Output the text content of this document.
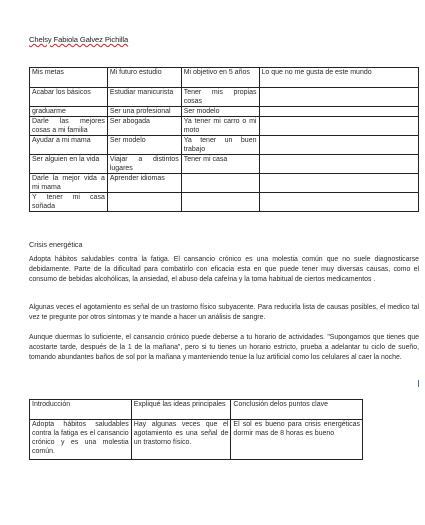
Chelsy Fabiola Galvez Pichilla
Mis metas	Mi futuro estudio	Mi objetivo en 5 años	Lo que no me gusta de este mundo
Acabar los básicos	Estudiar manicurista	Tener mis propias cosas	
graduarme	Ser una profesional	Ser modelo	
Darle las mejores cosas a mi familia	Ser abogada	Ya tener mi carro o mi moto	
Ayudar a mi mama	Ser modelo	Ya tener un buen trabajo	
Ser alguien en la vida	Viajar a distintos lugares	Tener mi casa	
Darle la mejor vida a mi mama	Aprender idiomas		
Y tener mi casa soñada			
Crisis energética

Adopta hábitos saludables contra la fatiga. El cansancio crónico es una molestia común que no suele diagnosticarse debidamente. Parte de la dificultad para combatirlo con eficacia esta en que puede tener muy diversas causas, como el consumo de bebidas alcohólicas, la ansiedad, el abuso dela cafeína y la toma habitual de ciertos medicamentos .

Algunas veces el agotamiento es señal de un trastorno físico subyacente. Para reducirla lista de causas posibles, el medico tal vez te pregunte por otros síntomas y te mande a hacer un análisis de sangre.

Aunque duermas lo suficiente, el cansancio crónico puede deberse a tu horario de actividades. "Supongamos que tienes que acostarte tarde, después de la 1 de la mañana", pero si tu tienes un horario estricto, prueba a adelantar tu ciclo de sueño, tomando abundantes baños de sol por la mañana y manteniendo tenue la luz artificial como los celulares al caer la noche.

Introducción	Expliqué las ideas principales	Conclusión delos puntos clave
Adopta hábitos saludables contra la fatiga es el cansancio crónico y es una molestia común.	Hay algunas veces que el agotamiento es una señal de un trastorno físico.	El sol es bueno para crisis energéticas dormir mas de 8 horas es bueno
